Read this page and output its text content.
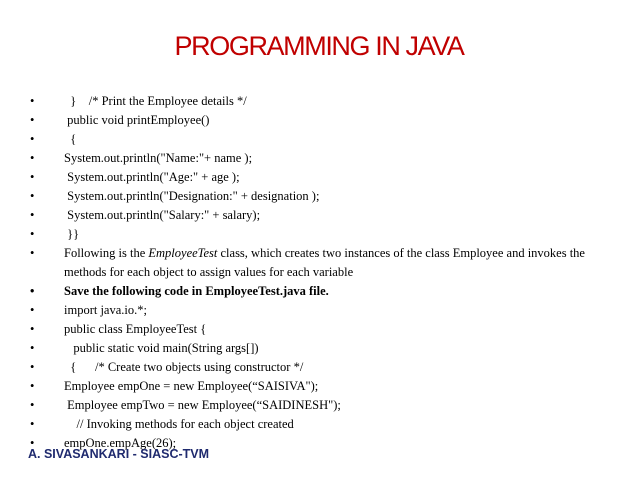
PROGRAMMING IN JAVA
• }    /* Print the Employee details */
• public void printEmployee()
• {
• System.out.println("Name:"+ name );
• System.out.println("Age:" + age );
• System.out.println("Designation:" + designation );
• System.out.println("Salary:" + salary);
• }}
• Following is the EmployeeTest class, which creates two instances of the class Employee and invokes the methods for each object to assign values for each variable
• Save the following code in EmployeeTest.java file.
• import java.io.*;
• public class EmployeeTest {
• public static void main(String args[])
• {      /* Create two objects using constructor */
• Employee empOne = new Employee(“SAISIVA");
• Employee empTwo = new Employee(“SAIDINESH");
• // Invoking methods for each object created
• empOne.empAge(26);
A. SIVASANKARI - SIASC-TVM
